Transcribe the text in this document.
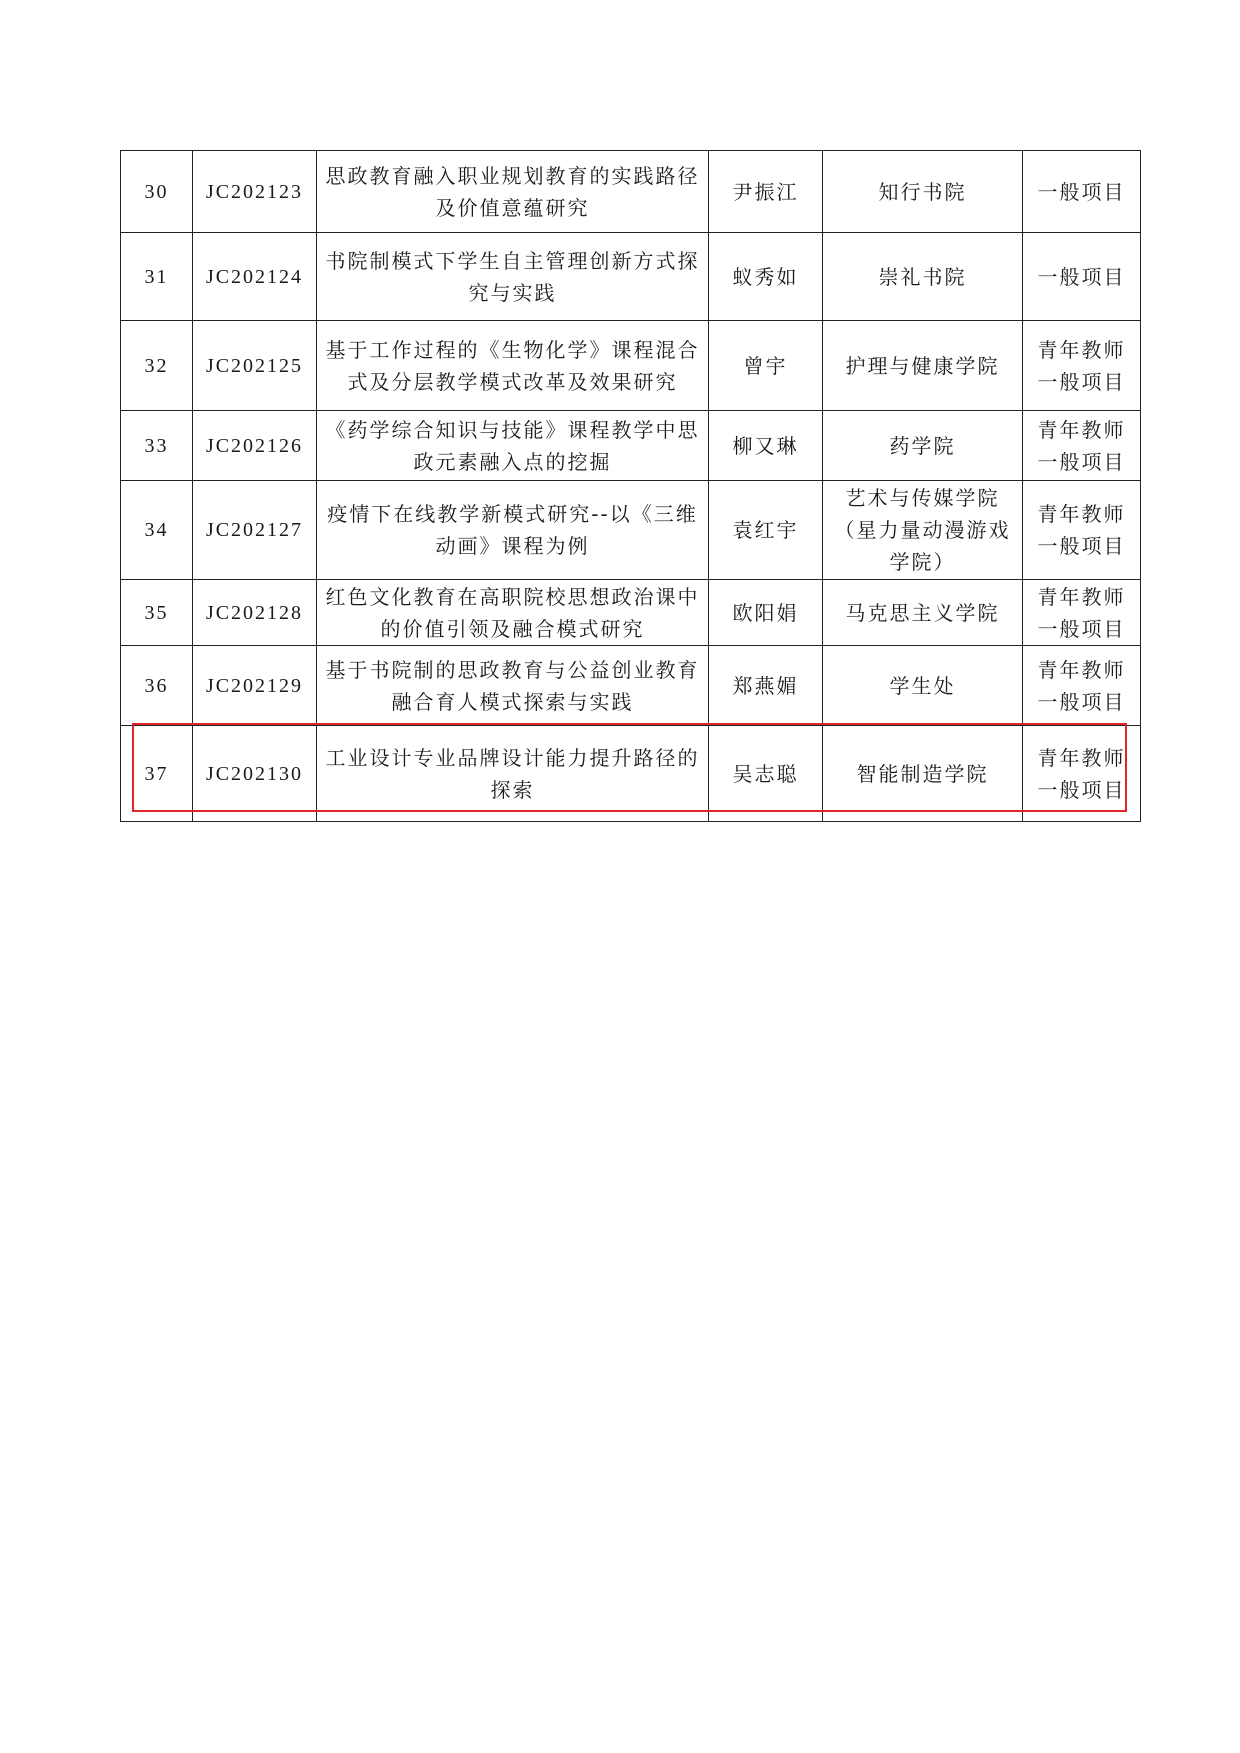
30	JC202123	思政教育融入职业规划教育的实践路径及价值意蕴研究	尹振江	知行书院	一般项目
31	JC202124	书院制模式下学生自主管理创新方式探究与实践	蚁秀如	崇礼书院	一般项目
32	JC202125	基于工作过程的《生物化学》课程混合式及分层教学模式改革及效果研究	曾宇	护理与健康学院	青年教师一般项目
33	JC202126	《药学综合知识与技能》课程教学中思政元素融入点的挖掘	柳又琳	药学院	青年教师一般项目
34	JC202127	疫情下在线教学新模式研究--以《三维动画》课程为例	袁红宇	艺术与传媒学院（星力量动漫游戏学院）	青年教师一般项目
35	JC202128	红色文化教育在高职院校思想政治课中的价值引领及融合模式研究	欧阳娟	马克思主义学院	青年教师一般项目
36	JC202129	基于书院制的思政教育与公益创业教育融合育人模式探索与实践	郑燕媚	学生处	青年教师一般项目
37	JC202130	工业设计专业品牌设计能力提升路径的探索	吴志聪	智能制造学院	青年教师一般项目
